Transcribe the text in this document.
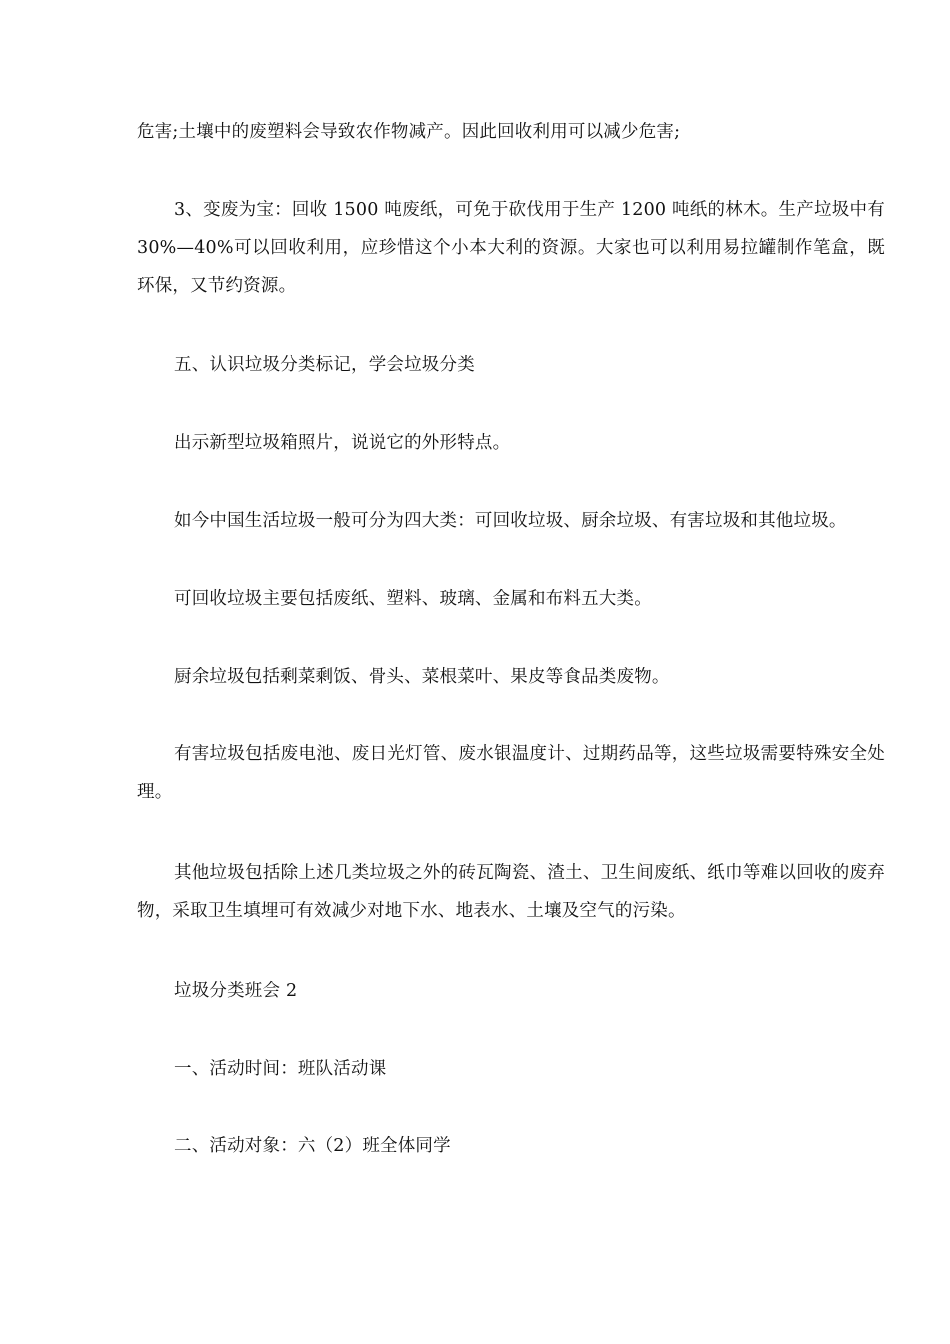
危害;土壤中的废塑料会导致农作物减产。因此回收利用可以减少危害;

3、变废为宝：回收 1500 吨废纸，可免于砍伐用于生产 1200 吨纸的林木。生产垃圾中有 30%—40%可以回收利用，应珍惜这个小本大利的资源。大家也可以利用易拉罐制作笔盒，既环保，又节约资源。

五、认识垃圾分类标记，学会垃圾分类

出示新型垃圾箱照片，说说它的外形特点。

如今中国生活垃圾一般可分为四大类：可回收垃圾、厨余垃圾、有害垃圾和其他垃圾。

可回收垃圾主要包括废纸、塑料、玻璃、金属和布料五大类。

厨余垃圾包括剩菜剩饭、骨头、菜根菜叶、果皮等食品类废物。

有害垃圾包括废电池、废日光灯管、废水银温度计、过期药品等，这些垃圾需要特殊安全处理。

其他垃圾包括除上述几类垃圾之外的砖瓦陶瓷、渣土、卫生间废纸、纸巾等难以回收的废弃物，采取卫生填埋可有效减少对地下水、地表水、土壤及空气的污染。

垃圾分类班会 2

一、活动时间：班队活动课

二、活动对象：六（2）班全体同学
